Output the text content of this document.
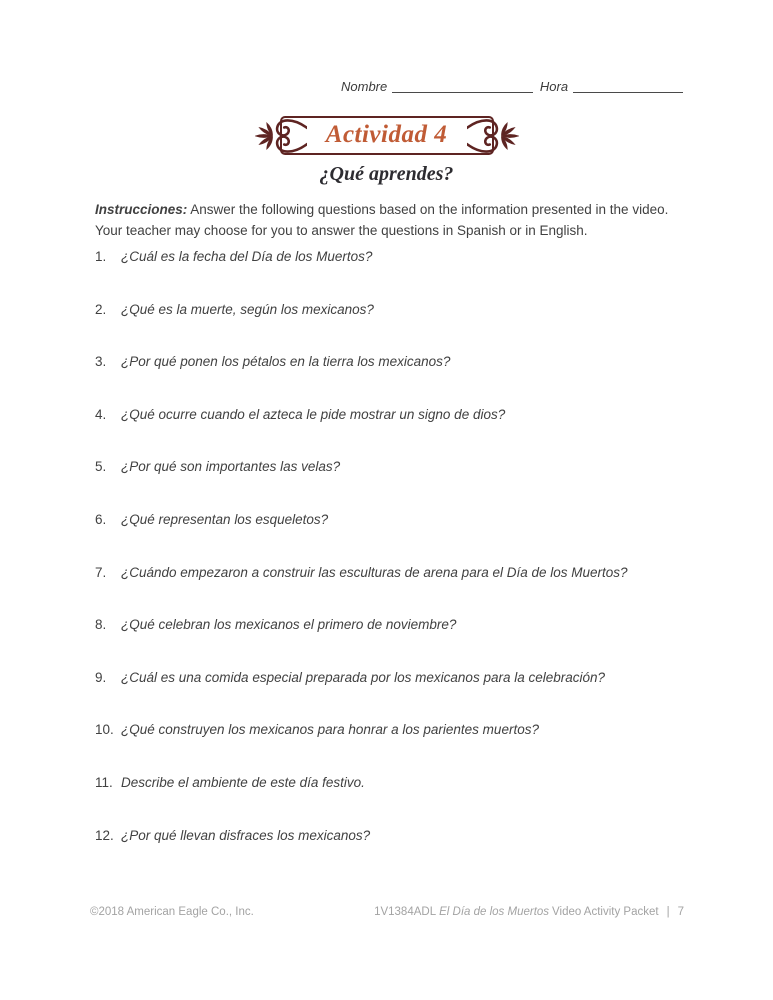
Nombre	Hora
Actividad 4
¿Qué aprendes?

Instrucciones: Answer the following questions based on the information presented in the video. Your teacher may choose for you to answer the questions in Spanish or in English.

1.	¿Cuál es la fecha del Día de los Muertos?
2.	¿Qué es la muerte, según los mexicanos?
3.	¿Por qué ponen los pétalos en la tierra los mexicanos?
4.	¿Qué ocurre cuando el azteca le pide mostrar un signo de dios?
5.	¿Por qué son importantes las velas?
6.	¿Qué representan los esqueletos?
7.	¿Cuándo empezaron a construir las esculturas de arena para el Día de los Muertos?
8.	¿Qué celebran los mexicanos el primero de noviembre?
9.	¿Cuál es una comida especial preparada por los mexicanos para la celebración?
10. ¿Qué construyen los mexicanos para honrar a los parientes muertos?
11. Describe el ambiente de este día festivo.
12. ¿Por qué llevan disfraces los mexicanos?
©2018 American Eagle Co., Inc.	1V1384ADL El Día de los Muertos Video Activity Packet | 7
